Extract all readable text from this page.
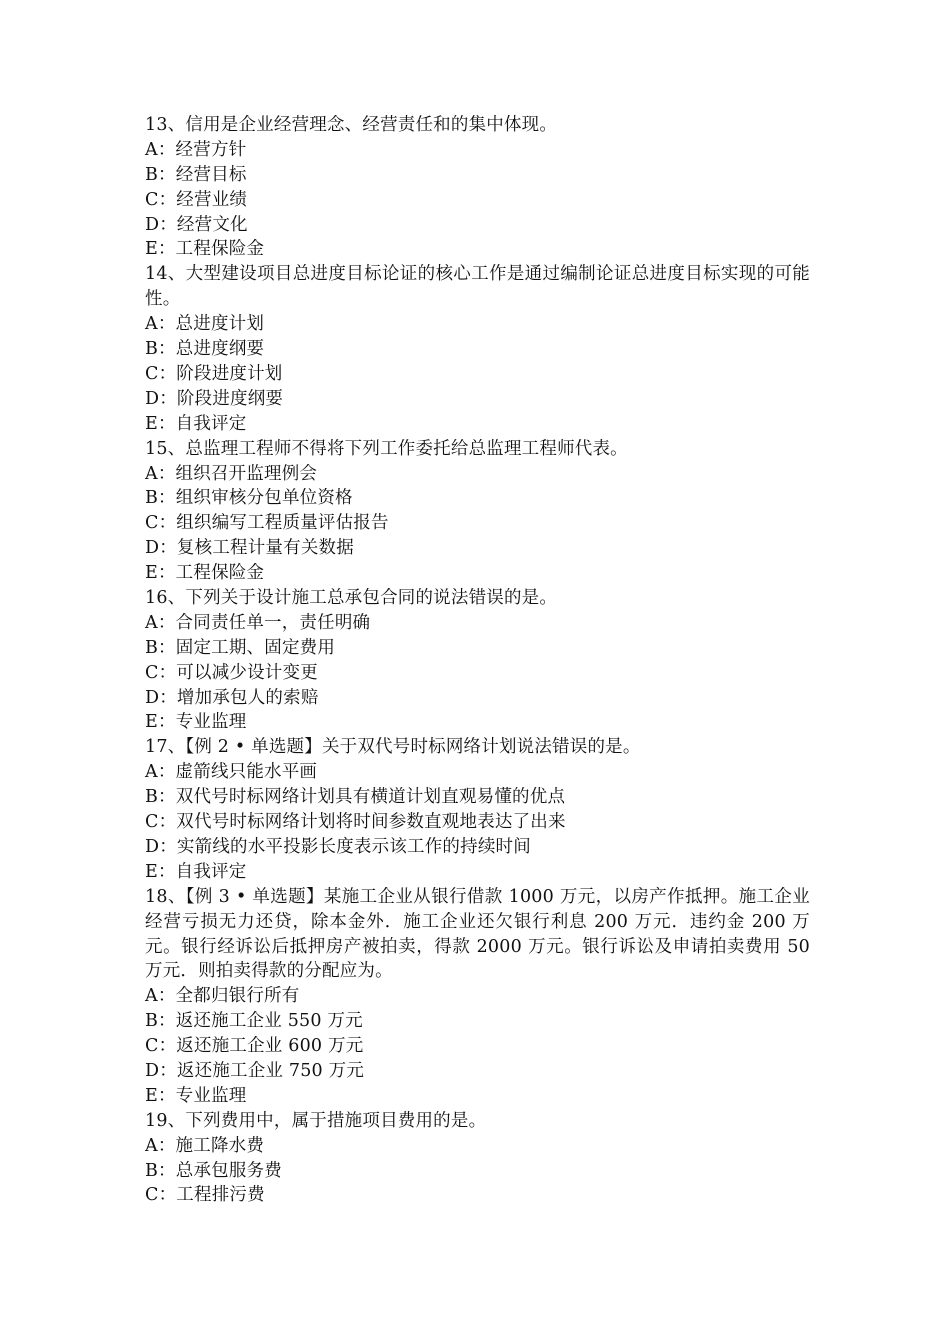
13、信用是企业经营理念、经营责任和的集中体现。
A：经营方针
B：经营目标
C：经营业绩
D：经营文化
E：工程保险金
14、大型建设项目总进度目标论证的核心工作是通过编制论证总进度目标实现的可能性。
A：总进度计划
B：总进度纲要
C：阶段进度计划
D：阶段进度纲要
E：自我评定
15、总监理工程师不得将下列工作委托给总监理工程师代表。
A：组织召开监理例会
B：组织审核分包单位资格
C：组织编写工程质量评估报告
D：复核工程计量有关数据
E：工程保险金
16、下列关于设计施工总承包合同的说法错误的是。
A：合同责任单一，责任明确
B：固定工期、固定费用
C：可以减少设计变更
D：增加承包人的索赔
E：专业监理
17、【例 2 • 单选题】关于双代号时标网络计划说法错误的是。
A：虚箭线只能水平画
B：双代号时标网络计划具有横道计划直观易懂的优点
C：双代号时标网络计划将时间参数直观地表达了出来
D：实箭线的水平投影长度表示该工作的持续时间
E：自我评定
18、【例 3 • 单选题】某施工企业从银行借款 1000 万元，以房产作抵押。施工企业经营亏损无力还贷，除本金外．施工企业还欠银行利息 200 万元．违约金 200 万元。银行经诉讼后抵押房产被拍卖，得款 2000 万元。银行诉讼及申请拍卖费用 50 万元．则拍卖得款的分配应为。
A：全都归银行所有
B：返还施工企业 550 万元
C：返还施工企业 600 万元
D：返还施工企业 750 万元
E：专业监理
19、下列费用中，属于措施项目费用的是。
A：施工降水费
B：总承包服务费
C：工程排污费
